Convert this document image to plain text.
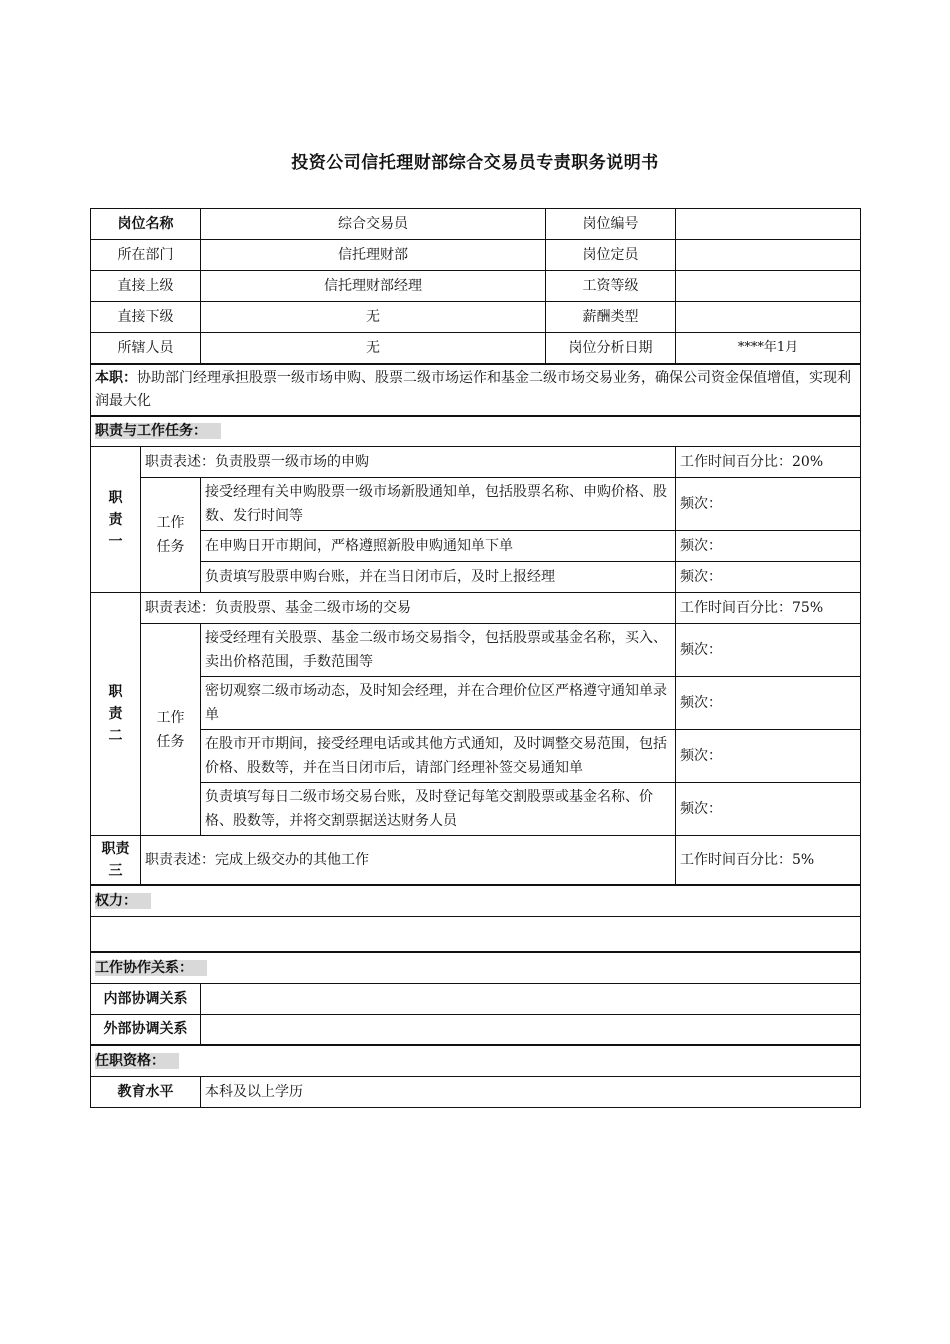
投资公司信托理财部综合交易员专责职务说明书
岗位名称		综合交易员	岗位编号	
所在部门		信托理财部	岗位定员	
直接上级		信托理财部经理	工资等级	
直接下级		无	薪酬类型	
所辖人员		无	岗位分析日期	****年1月
本职：协助部门经理承担股票一级市场申购、股票二级市场运作和基金二级市场交易业务，确保公司资金保值增值，实现利润最大化				
职责与工作任务：				

职
责
一	职责表述：负责股票一级市场的申购			工作时间百分比：20%

	工作
任务	接受经理有关申购股票一级市场新股通知单，包括股票名称、申购价格、股数、发行时间等		频次：
		在申购日开市期间，严格遵照新股申购通知单下单		频次：
		负责填写股票申购台账，并在当日闭市后，及时上报经理		频次：

职
责
二	职责表述：负责股票、基金二级市场的交易			工作时间百分比：75%

	工作
任务	接受经理有关股票、基金二级市场交易指令，包括股票或基金名称，买入、卖出价格范围，手数范围等		频次：
		密切观察二级市场动态，及时知会经理，并在合理价位区严格遵守通知单录单		频次：
		在股市开市期间，接受经理电话或其他方式通知，及时调整交易范围，包括价格、股数等，并在当日闭市后，请部门经理补签交易通知单		频次：
		负责填写每日二级市场交易台账，及时登记每笔交割股票或基金名称、价格、股数等，并将交割票据送达财务人员		频次：

职责
三	职责表述：完成上级交办的其他工作			工作时间百分比：5%
权力：				

工作协作关系：				
内部协调关系				
外部协调关系				
任职资格：				
教育水平		本科及以上学历		
